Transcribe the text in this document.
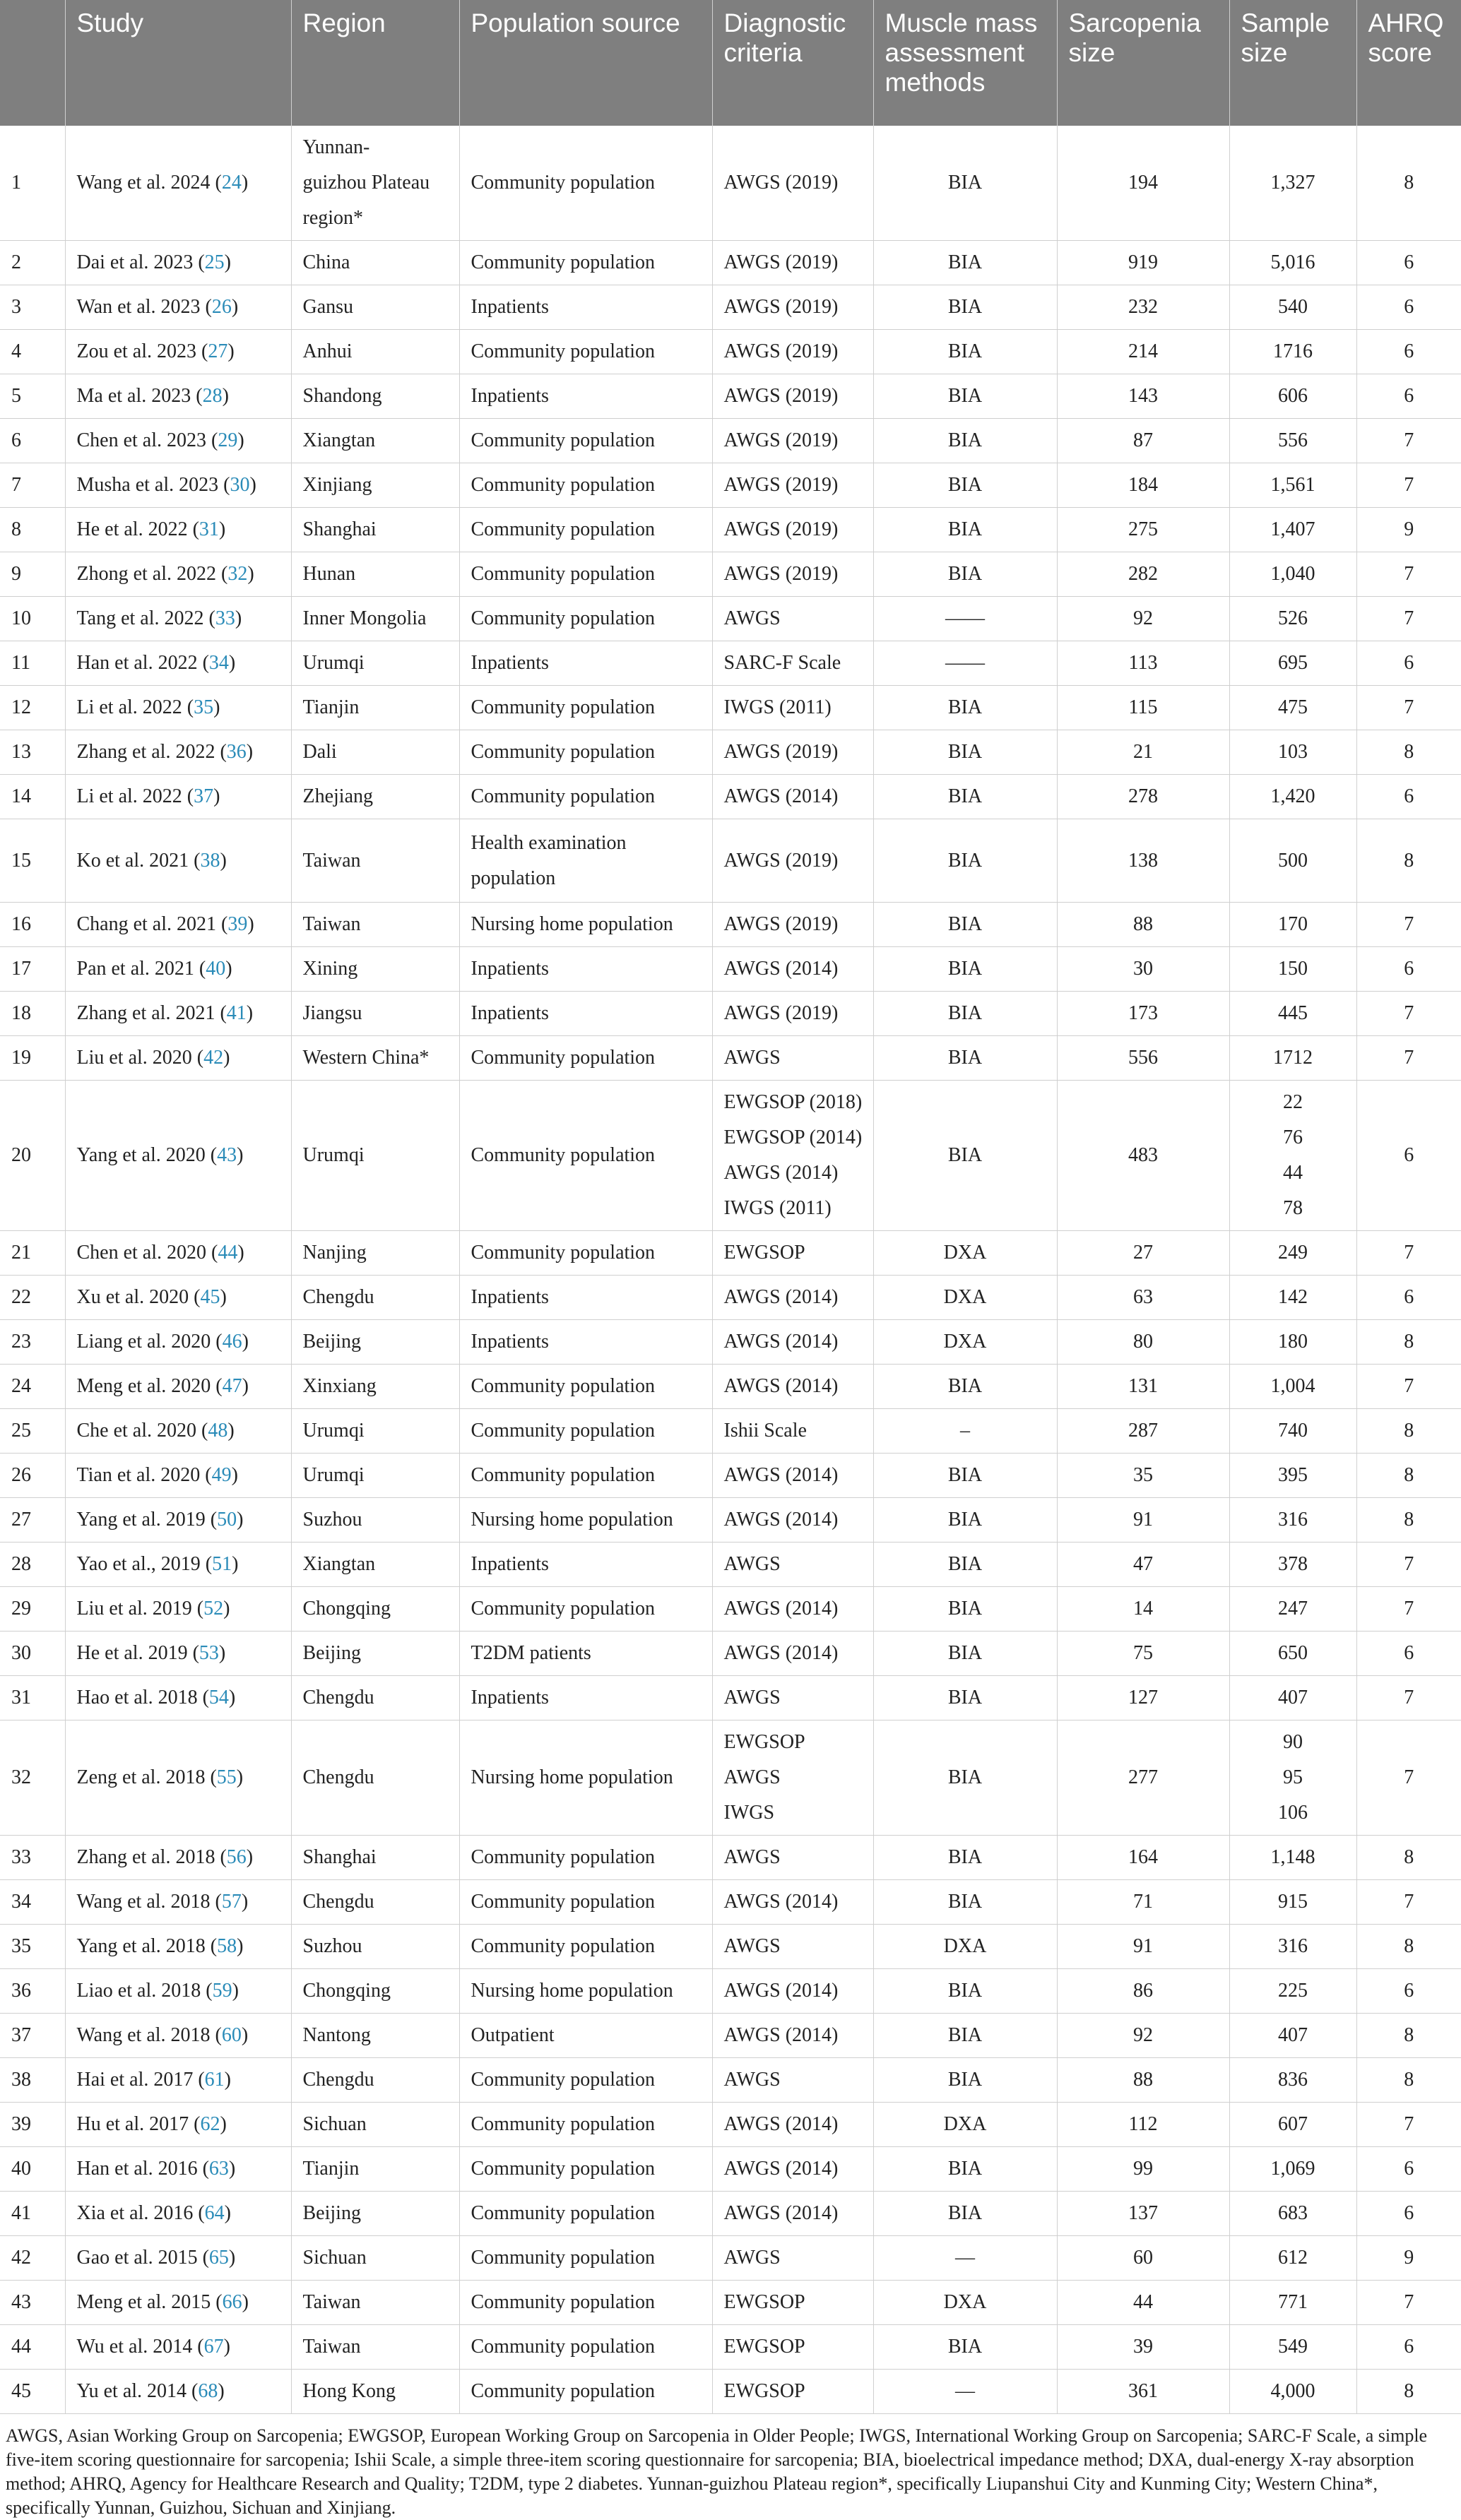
	Study	Region	Population source	Diagnostic criteria	Muscle mass assessment methods	Sarcopenia size	Sample size	AHRQ score
1	Wang et al. 2024 (24)	Yunnan-
guizhou Plateau
region*	Community population	AWGS (2019)	BIA	194	1,327	8
2	Dai et al. 2023 (25)	China	Community population	AWGS (2019)	BIA	919	5,016	6
3	Wan et al. 2023 (26)	Gansu	Inpatients	AWGS (2019)	BIA	232	540	6
4	Zou et al. 2023 (27)	Anhui	Community population	AWGS (2019)	BIA	214	1716	6
5	Ma et al. 2023 (28)	Shandong	Inpatients	AWGS (2019)	BIA	143	606	6
6	Chen et al. 2023 (29)	Xiangtan	Community population	AWGS (2019)	BIA	87	556	7
7	Musha et al. 2023 (30)	Xinjiang	Community population	AWGS (2019)	BIA	184	1,561	7
8	He et al. 2022 (31)	Shanghai	Community population	AWGS (2019)	BIA	275	1,407	9
9	Zhong et al. 2022 (32)	Hunan	Community population	AWGS (2019)	BIA	282	1,040	7
10	Tang et al. 2022 (33)	Inner Mongolia	Community population	AWGS	——	92	526	7
11	Han et al. 2022 (34)	Urumqi	Inpatients	SARC-F Scale	——	113	695	6
12	Li et al. 2022 (35)	Tianjin	Community population	IWGS (2011)	BIA	115	475	7
13	Zhang et al. 2022 (36)	Dali	Community population	AWGS (2019)	BIA	21	103	8
14	Li et al. 2022 (37)	Zhejiang	Community population	AWGS (2014)	BIA	278	1,420	6
15	Ko et al. 2021 (38)	Taiwan	Health examination
population	AWGS (2019)	BIA	138	500	8
16	Chang et al. 2021 (39)	Taiwan	Nursing home population	AWGS (2019)	BIA	88	170	7
17	Pan et al. 2021 (40)	Xining	Inpatients	AWGS (2014)	BIA	30	150	6
18	Zhang et al. 2021 (41)	Jiangsu	Inpatients	AWGS (2019)	BIA	173	445	7
19	Liu et al. 2020 (42)	Western China*	Community population	AWGS	BIA	556	1712	7
20	Yang et al. 2020 (43)	Urumqi	Community population	EWGSOP (2018)
EWGSOP (2014)
AWGS (2014)
IWGS (2011)	BIA	483	22
76
44
78	6
21	Chen et al. 2020 (44)	Nanjing	Community population	EWGSOP	DXA	27	249	7
22	Xu et al. 2020 (45)	Chengdu	Inpatients	AWGS (2014)	DXA	63	142	6
23	Liang et al. 2020 (46)	Beijing	Inpatients	AWGS (2014)	DXA	80	180	8
24	Meng et al. 2020 (47)	Xinxiang	Community population	AWGS (2014)	BIA	131	1,004	7
25	Che et al. 2020 (48)	Urumqi	Community population	Ishii Scale	–	287	740	8
26	Tian et al. 2020 (49)	Urumqi	Community population	AWGS (2014)	BIA	35	395	8
27	Yang et al. 2019 (50)	Suzhou	Nursing home population	AWGS (2014)	BIA	91	316	8
28	Yao et al., 2019 (51)	Xiangtan	Inpatients	AWGS	BIA	47	378	7
29	Liu et al. 2019 (52)	Chongqing	Community population	AWGS (2014)	BIA	14	247	7
30	He et al. 2019 (53)	Beijing	T2DM patients	AWGS (2014)	BIA	75	650	6
31	Hao et al. 2018 (54)	Chengdu	Inpatients	AWGS	BIA	127	407	7
32	Zeng et al. 2018 (55)	Chengdu	Nursing home population	EWGSOP
AWGS
IWGS	BIA	277	90
95
106	7
33	Zhang et al. 2018 (56)	Shanghai	Community population	AWGS	BIA	164	1,148	8
34	Wang et al. 2018 (57)	Chengdu	Community population	AWGS (2014)	BIA	71	915	7
35	Yang et al. 2018 (58)	Suzhou	Community population	AWGS	DXA	91	316	8
36	Liao et al. 2018 (59)	Chongqing	Nursing home population	AWGS (2014)	BIA	86	225	6
37	Wang et al. 2018 (60)	Nantong	Outpatient	AWGS (2014)	BIA	92	407	8
38	Hai et al. 2017 (61)	Chengdu	Community population	AWGS	BIA	88	836	8
39	Hu et al. 2017 (62)	Sichuan	Community population	AWGS (2014)	DXA	112	607	7
40	Han et al. 2016 (63)	Tianjin	Community population	AWGS (2014)	BIA	99	1,069	6
41	Xia et al. 2016 (64)	Beijing	Community population	AWGS (2014)	BIA	137	683	6
42	Gao et al. 2015 (65)	Sichuan	Community population	AWGS	—	60	612	9
43	Meng et al. 2015 (66)	Taiwan	Community population	EWGSOP	DXA	44	771	7
44	Wu et al. 2014 (67)	Taiwan	Community population	EWGSOP	BIA	39	549	6
45	Yu et al. 2014 (68)	Hong Kong	Community population	EWGSOP	—	361	4,000	8
AWGS, Asian Working Group on Sarcopenia; EWGSOP, European Working Group on Sarcopenia in Older People; IWGS, International Working Group on Sarcopenia; SARC-F Scale, a simple five-item scoring questionnaire for sarcopenia; Ishii Scale, a simple three-item scoring questionnaire for sarcopenia; BIA, bioelectrical impedance method; DXA, dual-energy X-ray absorption method; AHRQ, Agency for Healthcare Research and Quality; T2DM, type 2 diabetes. Yunnan-guizhou Plateau region*, specifically Liupanshui City and Kunming City; Western China*, specifically Yunnan, Guizhou, Sichuan and Xinjiang.
